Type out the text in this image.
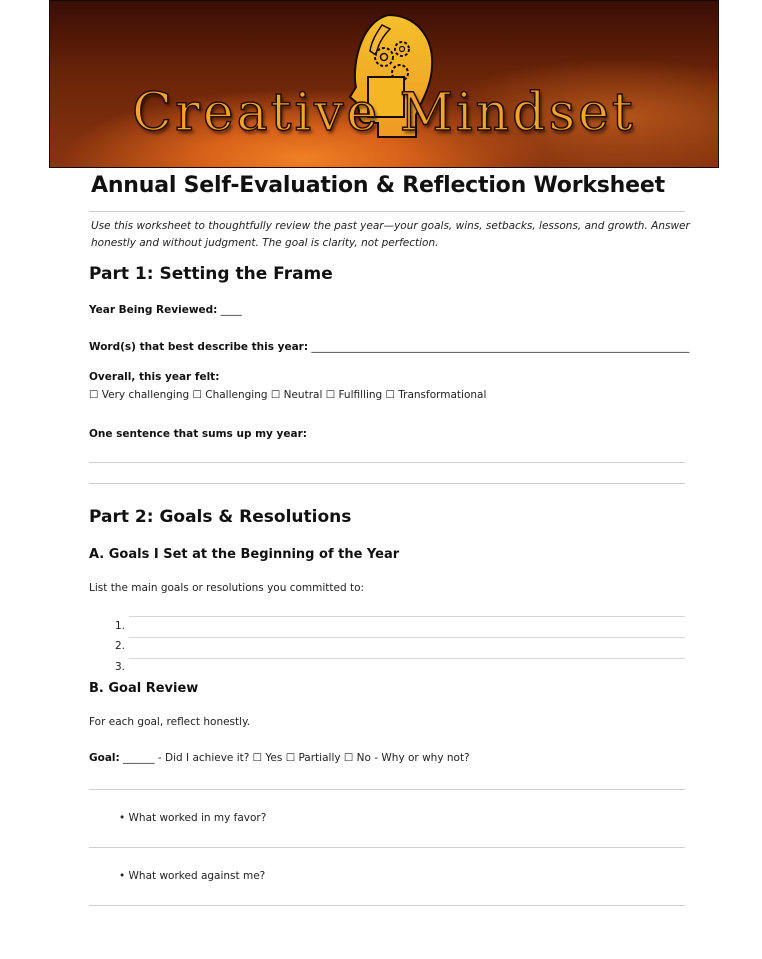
Creative Mindset
Annual Self-Evaluation & Reflection Worksheet
Use this worksheet to thoughtfully review the past year—your goals, wins, setbacks, lessons, and growth. Answer honestly and without judgment. The goal is clarity, not perfection.
Part 1: Setting the Frame
Year Being Reviewed: ____
Word(s) that best describe this year: ________________________________________________________________________
Overall, this year felt:
☐ Very challenging ☐ Challenging ☐ Neutral ☐ Fulfilling ☐ Transformational
One sentence that sums up my year:
Part 2: Goals & Resolutions
A. Goals I Set at the Beginning of the Year
List the main goals or resolutions you committed to:
1.
2.
3.
B. Goal Review
For each goal, reflect honestly.
Goal: ______ - Did I achieve it? ☐ Yes ☐ Partially ☐ No - Why or why not?
• What worked in my favor?
• What worked against me?
